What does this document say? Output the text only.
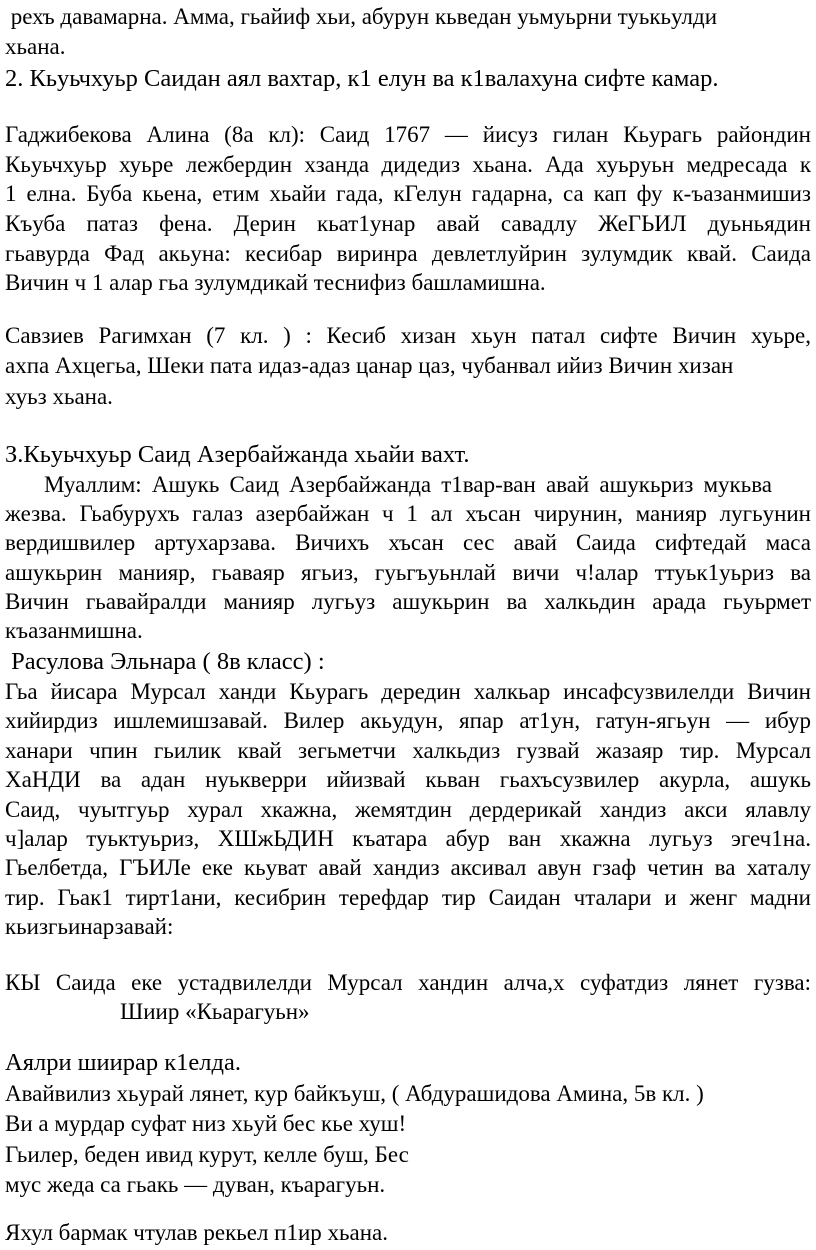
рехъ давамарна. Амма, гьайиф хьи, абурун кьведан уьмуьрни туькьулди
хьана.
2. Кьуьчхуьр Саидан аял вахтар, к1 елун ва к1валахуна сифте камар.
Гаджибекова Алина (8а кл): Саид 1767 — йисуз гилан Кьурагь райондин
Кьуьчхуьр хуьре лежбердин хзанда дидедиз хьана. Ада хуьруьн медресада к
1 елна. Буба кьена, етим хьайи гада, кГелун гадарна, са кап фу к-ъазанмишиз
Къуба патаз фена. Дерин кьат1унар авай савадлу ЖеГЬИЛ дуьньядин
гьавурда Фад акьуна: кесибар виринра девлетлуйрин зулумдик квай. Саида
Вичин ч 1 алар гьа зулумдикай теснифиз башламишна.
Савзиев Рагимхан (7 кл. ) : Кесиб хизан хьун патал сифте Вичин хуьре,
ахпа Ахцегьа, Шеки пата идаз-адаз цанар цаз, чубанвал ийиз Вичин хизан
хуьз хьана.
З.Кьуьчхуьр Саид Азербайжанда хьайи вахт.
Муаллим: Ашукь Саид Азербайжанда т1вар-ван авай ашукьриз мукьва
жезва. Гьабурухъ галаз азербайжан ч 1 ал хъсан чирунин, манияр лугьунин
вердишвилер артухарзава. Вичихъ хъсан сес авай Саида сифтедай маса
ашукьрин манияр, гьаваяр ягьиз, гуьгъуьнлай вичи ч!алар ттуьк1уьриз ва
Вичин гьавайралди манияр лугьуз ашукьрин ва халкьдин арада гьуьрмет
къазанмишна.
Расулова Эльнара ( 8в класс) :
Гьа йисара Мурсал ханди Кьурагь дередин халкьар инсафсузвилелди Вичин
хийирдиз ишлемишзавай. Вилер акьудун, япар ат1ун, гатун-ягьун — ибур
ханари чпин гьилик квай зегьметчи халкьдиз гузвай жазаяр тир. Мурсал
ХаНДИ ва адан нуькверри ийизвай кьван гьахъсузвилер акурла, ашукь
Саид, чуытгуьр хурал хкажна, жемятдин дердерикай хандиз акси ялавлу
ч]алар туьктуьриз, ХШжЬДИН къатара абур ван хкажна лугьуз эгеч1на.
Гьелбетда, ГЪИЛе еке кьуват авай хандиз аксивал авун гзаф четин ва хаталу
тир. Гьак1 тирт1ани, кесибрин терефдар тир Саидан чталари и женг мадни
кьизгьинарзавай:
КЫ Саида еке устадвилелди Мурсал хандин алча,х суфатдиз лянет гузва:
Шиир «Кьарагуьн»
Аялри шиирар к1елда.
Авайвилиз хьурай лянет, кур байкъуш, ( Абдурашидова Амина, 5в кл. )
Ви а мурдар суфат низ хьуй бес кье хуш!
Гьилер, беден ивид курут, келле буш, Бес
мус жеда са гьакь — дуван, къарагуьн.
Яхул бармак чтулав рекьел п1ир хьана.
